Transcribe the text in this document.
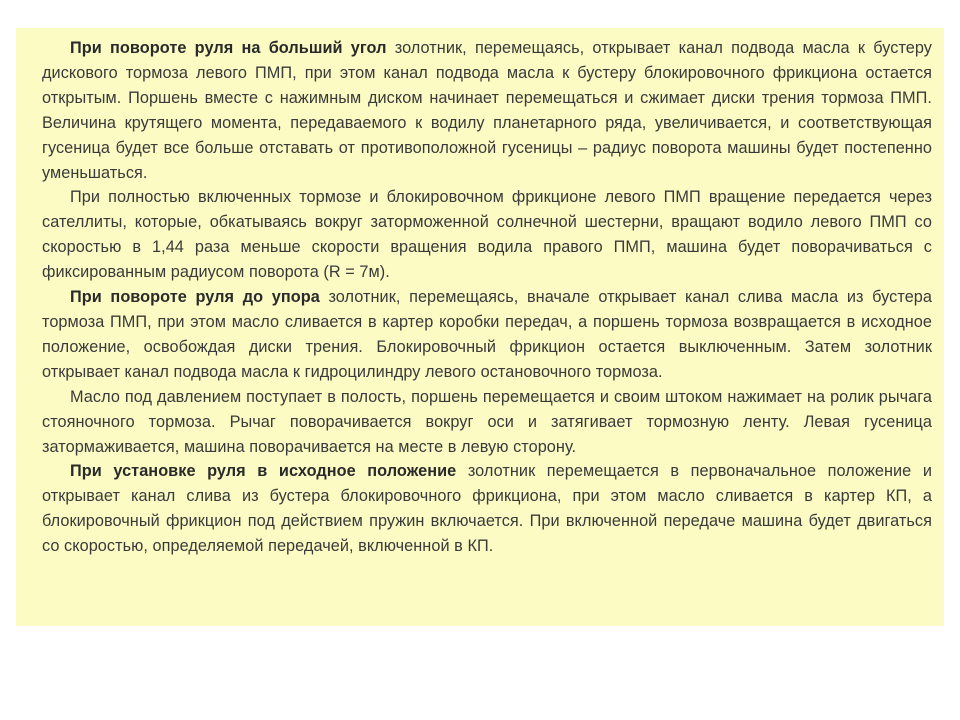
При повороте руля на больший угол золотник, перемещаясь, открывает канал подвода масла к бустеру дискового тормоза левого ПМП, при этом канал подвода масла к бустеру блокировочного фрикциона остается открытым. Поршень вместе с нажимным диском начинает перемещаться и сжимает диски трения тормоза ПМП. Величина крутящего момента, передаваемого к водилу планетарного ряда, увеличивается, и соответствующая гусеница будет все больше отставать от противоположной гусеницы – радиус поворота машины будет постепенно уменьшаться.

При полностью включенных тормозе и блокировочном фрикционе левого ПМП вращение передается через сателлиты, которые, обкатываясь вокруг заторможенной солнечной шестерни, вращают водило левого ПМП со скоростью в 1,44 раза меньше скорости вращения водила правого ПМП, машина будет поворачиваться с фиксированным радиусом поворота (R = 7м).

При повороте руля до упора золотник, перемещаясь, вначале открывает канал слива масла из бустера тормоза ПМП, при этом масло сливается в картер коробки передач, а поршень тормоза возвращается в исходное положение, освобождая диски трения. Блокировочный фрикцион остается выключенным. Затем золотник открывает канал подвода масла к гидроцилиндру левого остановочного тормоза.

Масло под давлением поступает в полость, поршень перемещается и своим штоком нажимает на ролик рычага стояночного тормоза. Рычаг поворачивается вокруг оси и затягивает тормозную ленту. Левая гусеница затормаживается, машина поворачивается на месте в левую сторону.

При установке руля в исходное положение золотник перемещается в первоначальное положение и открывает канал слива из бустера блокировочного фрикциона, при этом масло сливается в картер КП, а блокировочный фрикцион под действием пружин включается. При включенной передаче машина будет двигаться со скоростью, определяемой передачей, включенной в КП.
